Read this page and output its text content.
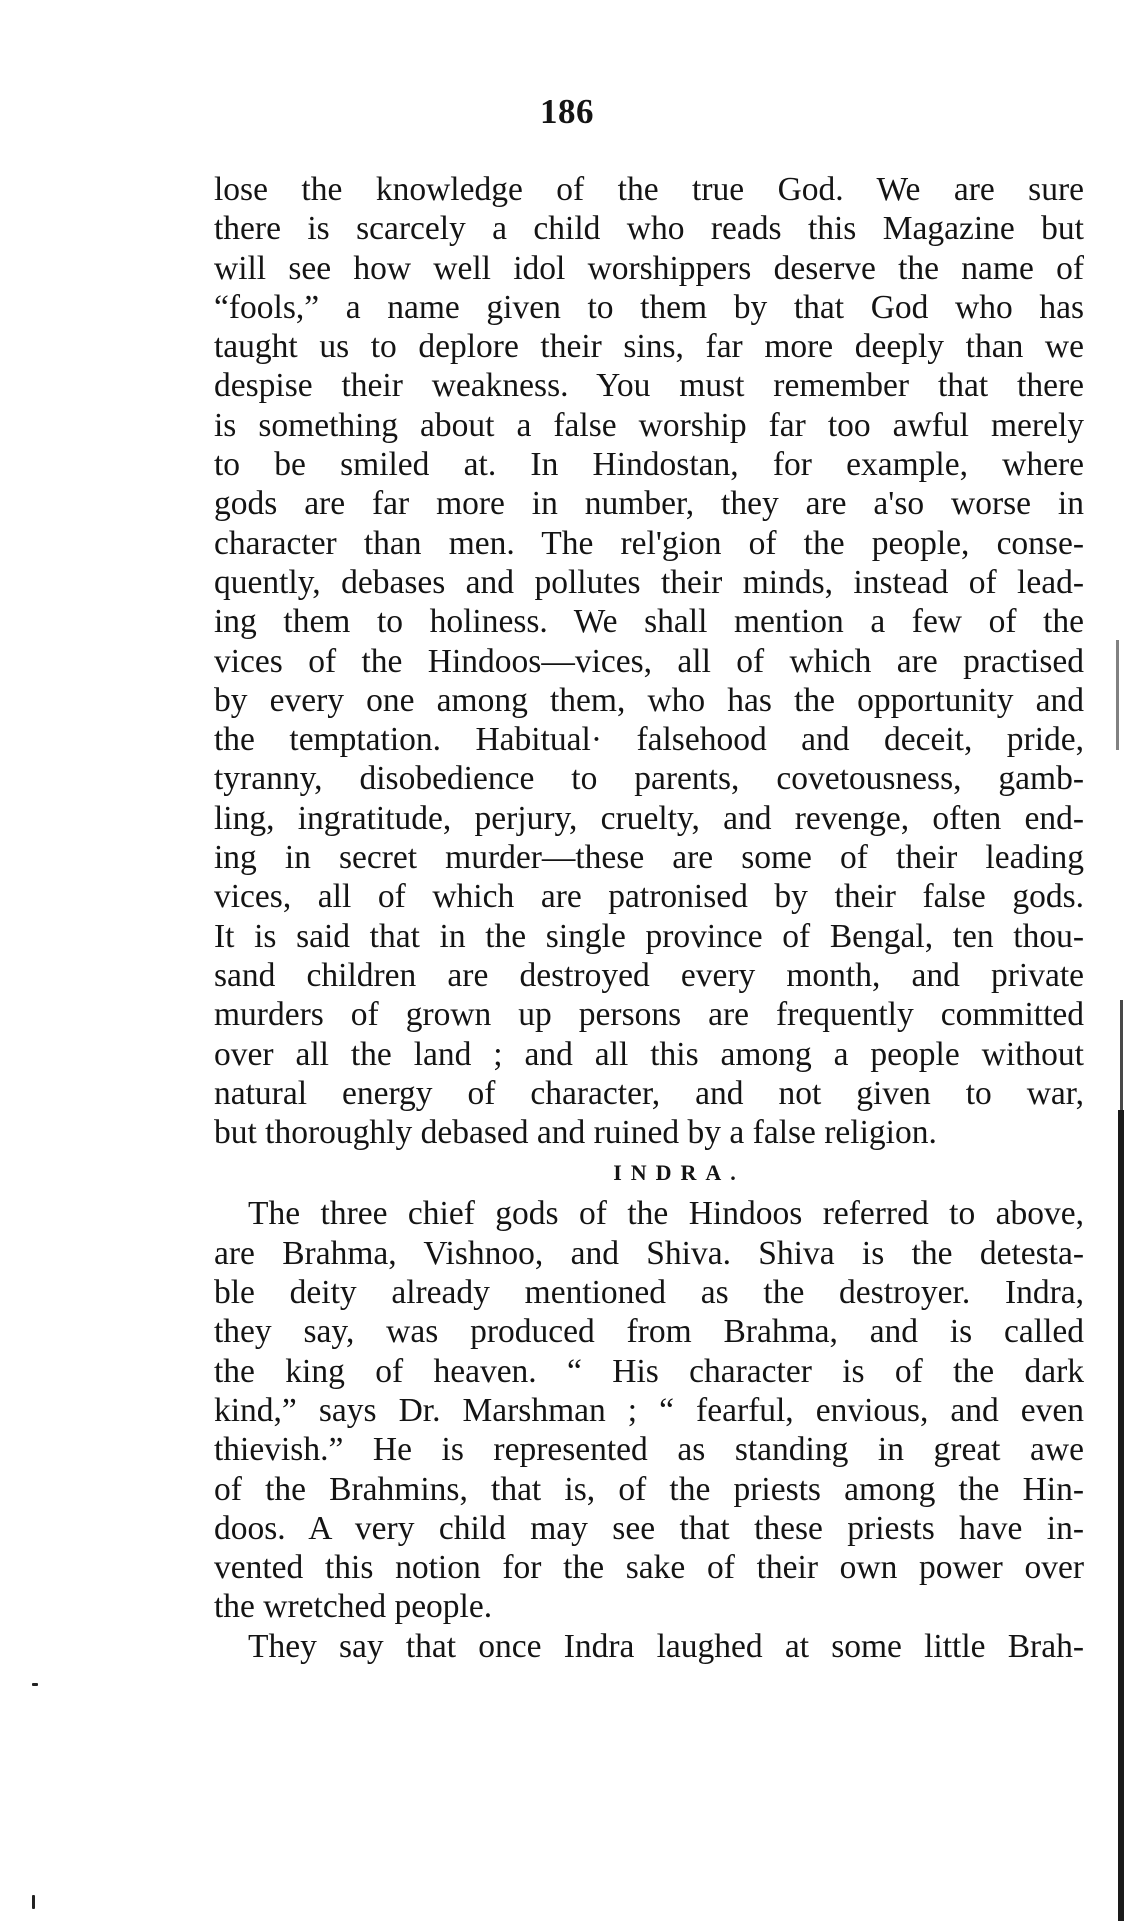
186
lose the knowledge of the true God. We are sure
there is scarcely a child who reads this Magazine but
will see how well idol worshippers deserve the name of
“fools,” a name given to them by that God who has
taught us to deplore their sins, far more deeply than we
despise their weakness. You must remember that there
is something about a false worship far too awful merely
to be smiled at. In Hindostan, for example, where
gods are far more in number, they are a'so worse in
character than men. The rel'gion of the people, conse-
quently, debases and pollutes their minds, instead of lead-
ing them to holiness. We shall mention a few of the
vices of the Hindoos—vices, all of which are practised
by every one among them, who has the opportunity and
the temptation. Habitual· falsehood and deceit, pride,
tyranny, disobedience to parents, covetousness, gamb-
ling, ingratitude, perjury, cruelty, and revenge, often end-
ing in secret murder—these are some of their leading
vices, all of which are patronised by their false gods.
It is said that in the single province of Bengal, ten thou-
sand children are destroyed every month, and private
murders of grown up persons are frequently committed
over all the land ; and all this among a people without
natural energy of character, and not given to war,
but thoroughly debased and ruined by a false religion.
INDRA.
The three chief gods of the Hindoos referred to above,
are Brahma, Vishnoo, and Shiva. Shiva is the detesta-
ble deity already mentioned as the destroyer. Indra,
they say, was produced from Brahma, and is called
the king of heaven. “ His character is of the dark
kind,” says Dr. Marshman ; “ fearful, envious, and even
thievish.” He is represented as standing in great awe
of the Brahmins, that is, of the priests among the Hin-
doos. A very child may see that these priests have in-
vented this notion for the sake of their own power over
the wretched people.
They say that once Indra laughed at some little Brah-
